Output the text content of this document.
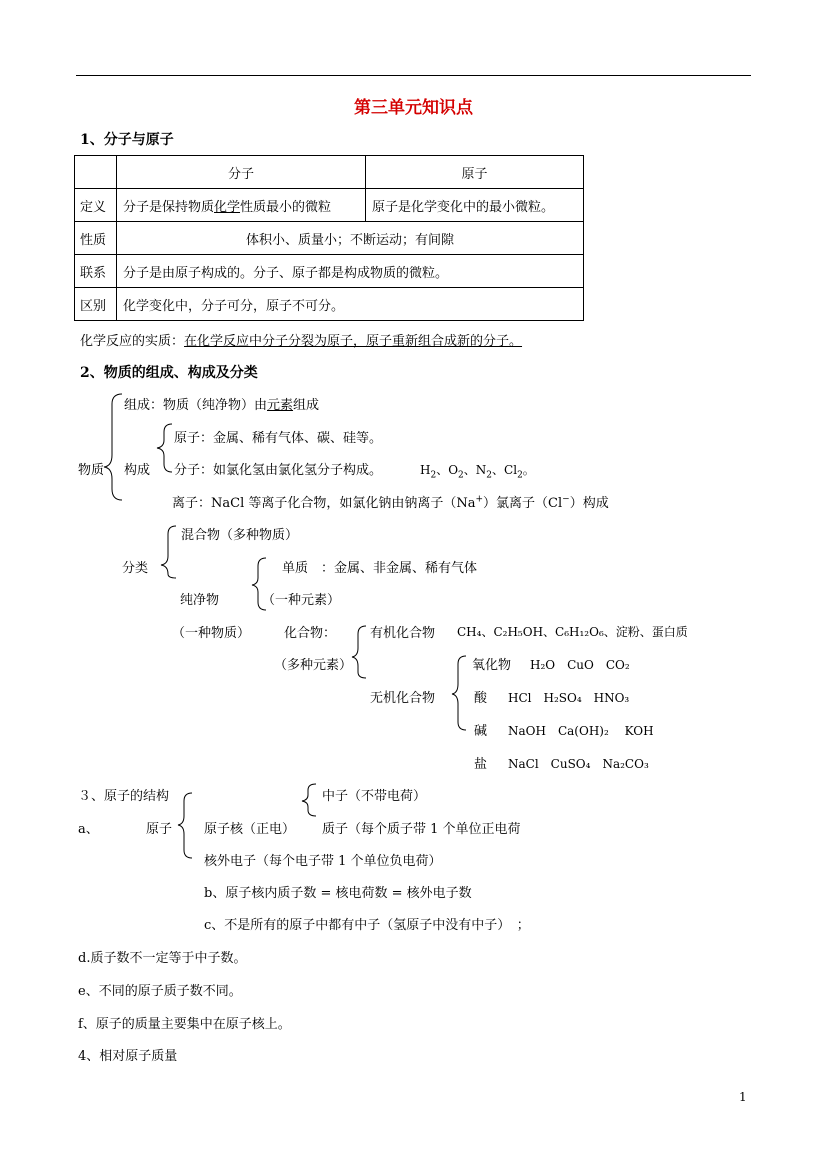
第三单元知识点
1、分子与原子
	分子	原子
定义	分子是保持物质化学性质最小的微粒	原子是化学变化中的最小微粒。
性质	体积小、质量小；不断运动；有间隙	
联系	分子是由原子构成的。分子、原子都是构成物质的微粒。	
区别	化学变化中，分子可分，原子不可分。	
化学反应的实质：在化学反应中分子分裂为原子，原子重新组合成新的分子。
2、物质的组成、构成及分类
物质
组成：物质（纯净物）由元素组成
构成
原子：金属、稀有气体、碳、硅等。
分子：如氯化氢由氯化氢分子构成。	$H_2$、$O_2$、$N_2$、$Cl_2$。
离子：NaCl 等离子化合物，如氯化钠由钠离子（Na+）氯离子（Cl−）构成
混合物（多种物质）
分类	单质　：金属、非金属、稀有气体
纯净物	（一种元素）
（一种物质）	化合物：	有机化合物 CH₄、C₂H₅OH、C₆H₁₂O₆、淀粉、蛋白质
（多种元素）	氧化物 H₂O　CuO　CO₂
无机化合物	酸 HCl　H₂SO₄　HNO₃
碱 NaOH　Ca(OH)₂　 KOH
盐 NaCl　CuSO₄　Na₂CO₃
３、原子的结构
a、	原子 原子核（正电）
中子（不带电荷）
质子（每个质子带 1 个单位正电荷
核外电子（每个电子带 1 个单位负电荷）
b、原子核内质子数 = 核电荷数 = 核外电子数
c、不是所有的原子中都有中子（氢原子中没有中子）　；
d.质子数不一定等于中子数。
e、不同的原子质子数不同。
f、原子的质量主要集中在原子核上。
4、相对原子质量
1
